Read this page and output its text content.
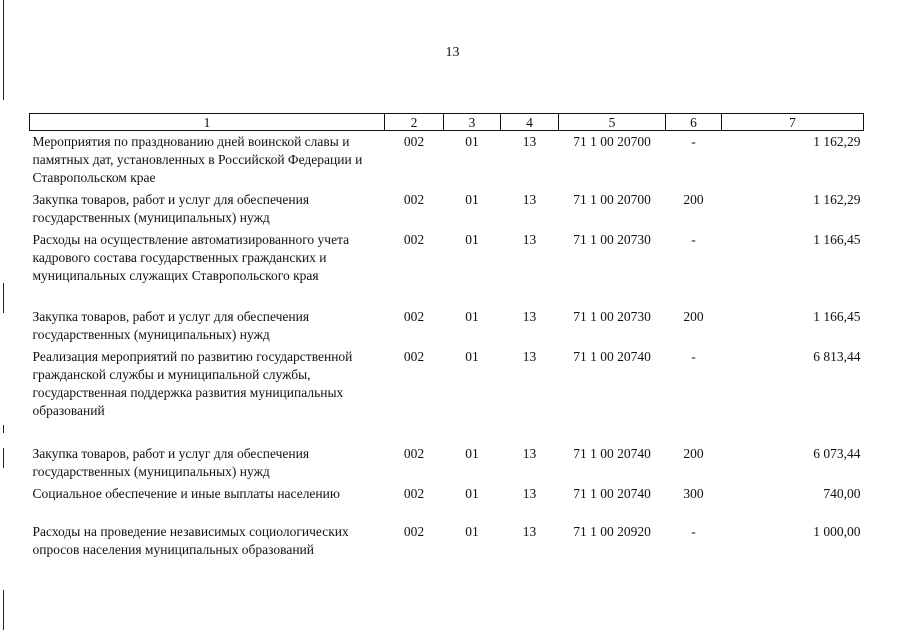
13
1	2	3	4	5	6	7
Мероприятия по празднованию дней воинской славы и памятных дат, установленных в Российской Федерации и Ставропольском крае	002	01	13	71 1 00 20700	-	1 162,29
Закупка товаров, работ и услуг для обеспечения государственных (муниципальных) нужд	002	01	13	71 1 00 20700	200	1 162,29
Расходы на осуществление автоматизированного учета кадрового состава государственных гражданских и муниципальных служащих Ставропольского края	002	01	13	71 1 00 20730	-	1 166,45
Закупка товаров, работ и услуг для обеспечения государственных (муниципальных) нужд	002	01	13	71 1 00 20730	200	1 166,45
Реализация мероприятий по развитию государственной гражданской службы и муниципальной службы, государственная поддержка развития муниципальных образований	002	01	13	71 1 00 20740	-	6 813,44
Закупка товаров, работ и услуг для обеспечения государственных (муниципальных) нужд	002	01	13	71 1 00 20740	200	6 073,44
Социальное обеспечение и иные выплаты населению	002	01	13	71 1 00 20740	300	740,00
Расходы на проведение независимых социологических опросов населения муниципальных образований	002	01	13	71 1 00 20920	-	1 000,00
